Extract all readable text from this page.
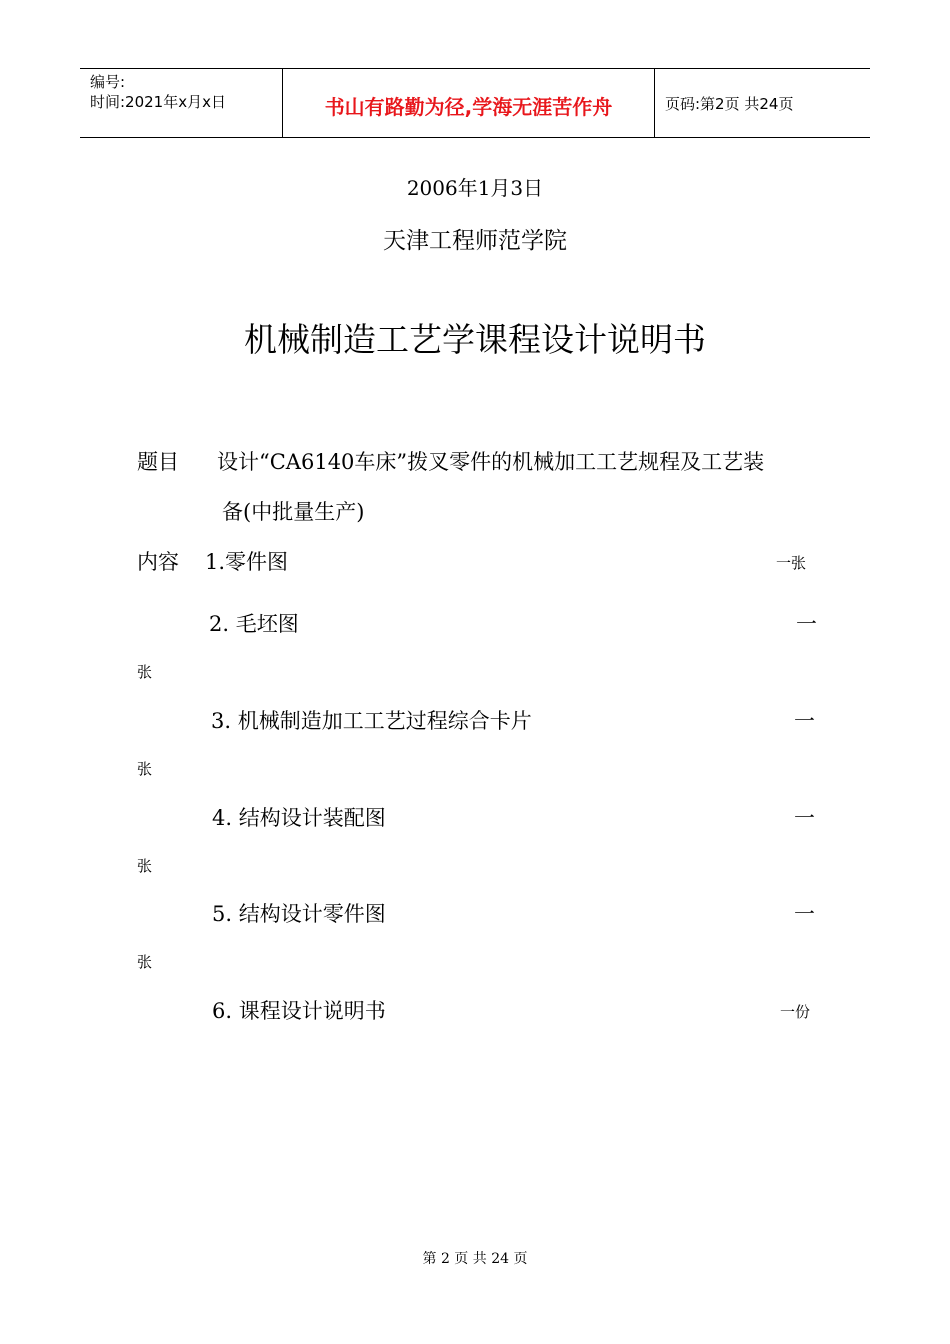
编号:
时间:2021年x月x日	书山有路勤为径,学海无涯苦作舟	页码:第2页 共24页
2006年1月3日
天津工程师范学院
机械制造工艺学课程设计说明书
题目 设计“CA6140车床”拨叉零件的机械加工工艺规程及工艺装
备(中批量生产)
内容 1.零件图	一张
2. 毛坯图	一
张
3. 机械制造加工工艺过程综合卡片	一
张
4. 结构设计装配图	一
张
5. 结构设计零件图	一
张
6. 课程设计说明书	一份
第 2 页 共 24 页
